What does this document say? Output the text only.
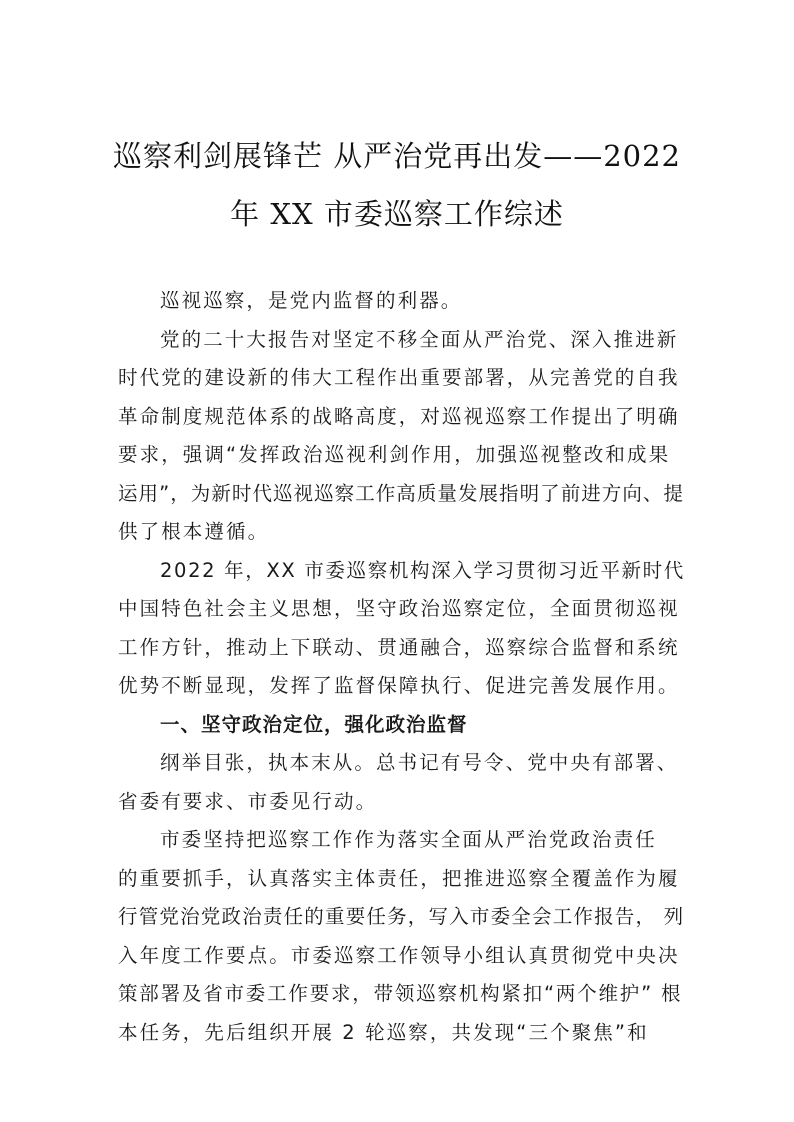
巡察利剑展锋芒 从严治党再出发——2022
年 XX 市委巡察工作综述

巡视巡察，是党内监督的利器。

党的二十大报告对坚定不移全面从严治党、深入推进新

时代党的建设新的伟大工程作出重要部署，从完善党的自我

革命制度规范体系的战略高度，对巡视巡察工作提出了明确

要求，强调“发挥政治巡视利剑作用，加强巡视整改和成果

运用”，为新时代巡视巡察工作高质量发展指明了前进方向、提

供了根本遵循。

2022 年，XX 市委巡察机构深入学习贯彻习近平新时代

中国特色社会主义思想，坚守政治巡察定位，全面贯彻巡视

工作方针，推动上下联动、贯通融合，巡察综合监督和系统

优势不断显现，发挥了监督保障执行、促进完善发展作用。

一、坚守政治定位，强化政治监督

纲举目张，执本末从。总书记有号令、党中央有部署、

省委有要求、市委见行动。

市委坚持把巡察工作作为落实全面从严治党政治责任

的重要抓手，认真落实主体责任，把推进巡察全覆盖作为履

行管党治党政治责任的重要任务，写入市委全会工作报告， 列

入年度工作要点。市委巡察工作领导小组认真贯彻党中央决

策部署及省市委工作要求，带领巡察机构紧扣“两个维护” 根

本任务，先后组织开展 2 轮巡察，共发现“三个聚焦”和
